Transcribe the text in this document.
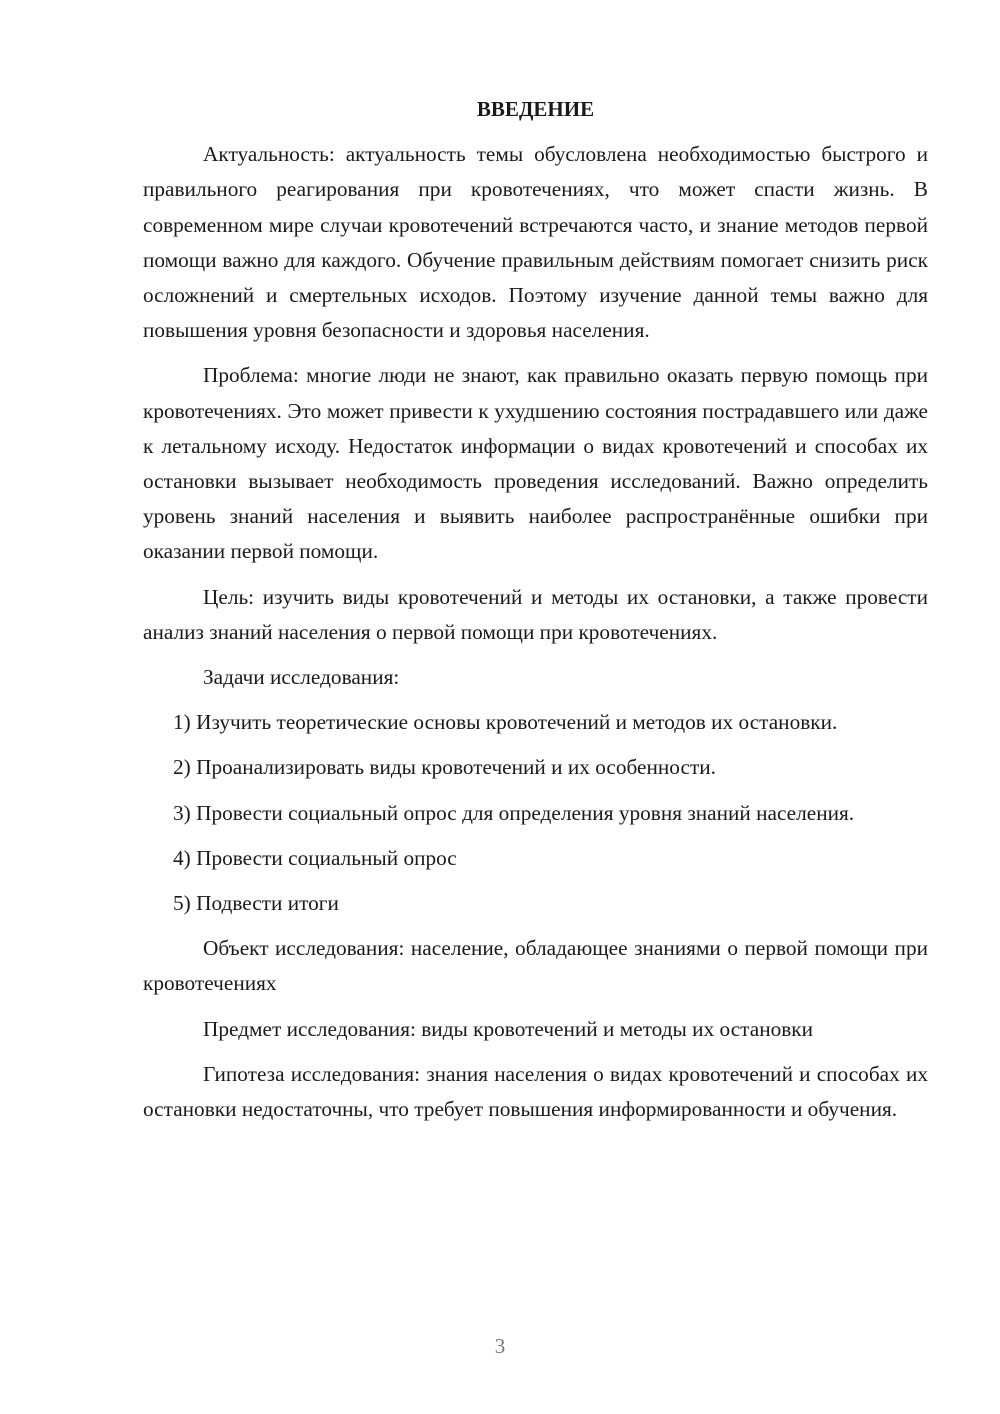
ВВЕДЕНИЕ

Актуальность: актуальность темы обусловлена необходимостью быстрого и правильного реагирования при кровотечениях, что может спасти жизнь. В современном мире случаи кровотечений встречаются часто, и знание методов первой помощи важно для каждого. Обучение правильным действиям помогает снизить риск осложнений и смертельных исходов. Поэтому изучение данной темы важно для повышения уровня безопасности и здоровья населения.

Проблема: многие люди не знают, как правильно оказать первую помощь при кровотечениях. Это может привести к ухудшению состояния пострадавшего или даже к летальному исходу. Недостаток информации о видах кровотечений и способах их остановки вызывает необходимость проведения исследований. Важно определить уровень знаний населения и выявить наиболее распространённые ошибки при оказании первой помощи.

Цель: изучить виды кровотечений и методы их остановки, а также провести анализ знаний населения о первой помощи при кровотечениях.

Задачи исследования:

1) Изучить теоретические основы кровотечений и методов их остановки.

2) Проанализировать виды кровотечений и их особенности.

3) Провести социальный опрос для определения уровня знаний населения.

4) Провести социальный опрос

5) Подвести итоги

Объект исследования: население, обладающее знаниями о первой помощи при кровотечениях

Предмет исследования: виды кровотечений и методы их остановки

Гипотеза исследования: знания населения о видах кровотечений и способах их остановки недостаточны, что требует повышения информированности и обучения.

3
